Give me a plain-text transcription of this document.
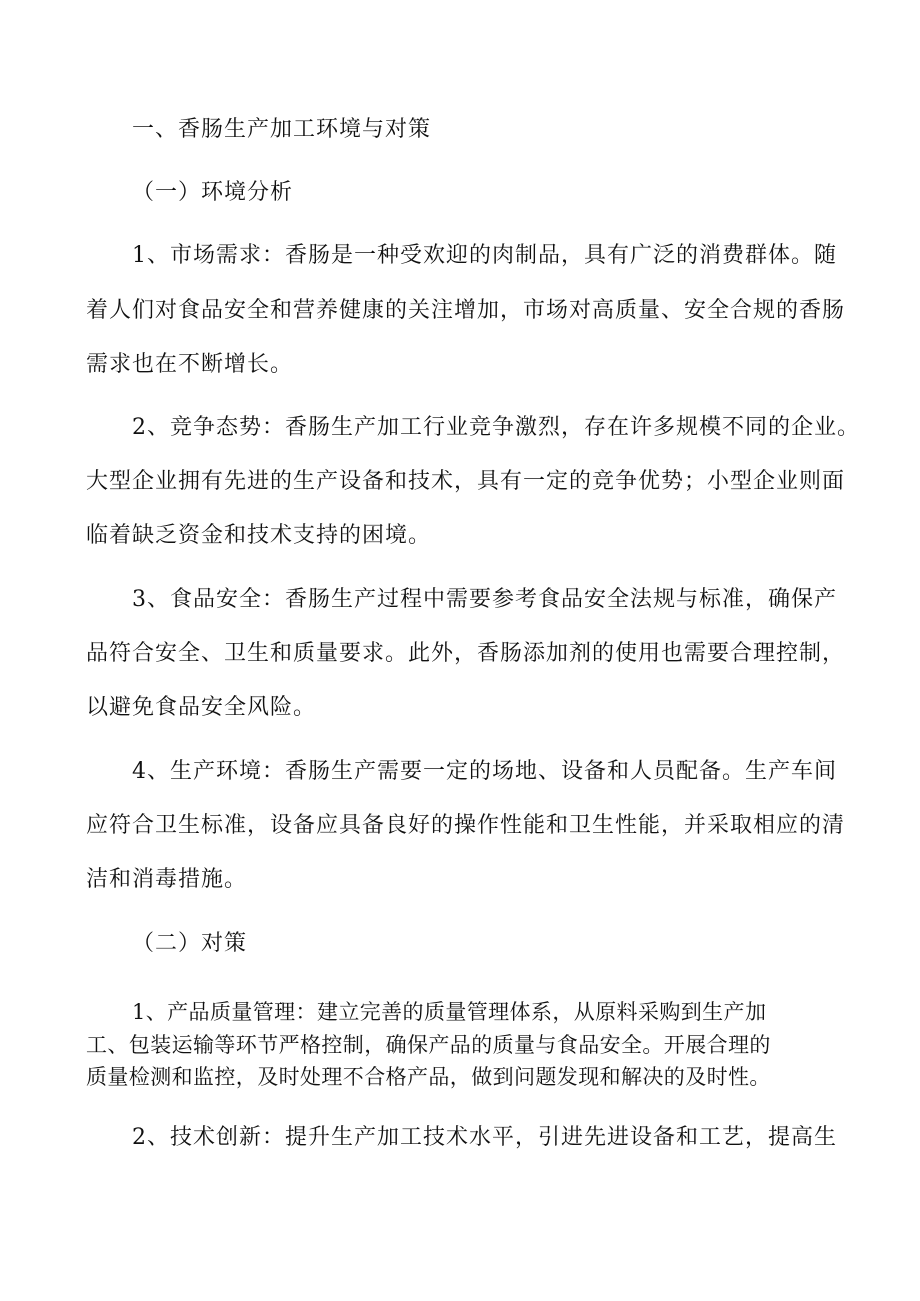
一、香肠生产加工环境与对策

（一）环境分析

1、市场需求：香肠是一种受欢迎的肉制品，具有广泛的消费群体。随

着人们对食品安全和营养健康的关注增加，市场对高质量、安全合规的香肠

需求也在不断增长。

2、竞争态势：香肠生产加工行业竞争激烈，存在许多规模不同的企业。

大型企业拥有先进的生产设备和技术，具有一定的竞争优势；小型企业则面

临着缺乏资金和技术支持的困境。

3、食品安全：香肠生产过程中需要参考食品安全法规与标准，确保产

品符合安全、卫生和质量要求。此外，香肠添加剂的使用也需要合理控制，

以避免食品安全风险。

4、生产环境：香肠生产需要一定的场地、设备和人员配备。生产车间

应符合卫生标准，设备应具备良好的操作性能和卫生性能，并采取相应的清

洁和消毒措施。

（二）对策

1、产品质量管理：建立完善的质量管理体系，从原料采购到生产加

工、包装运输等环节严格控制，确保产品的质量与食品安全。开展合理的

质量检测和监控，及时处理不合格产品，做到问题发现和解决的及时性。

2、技术创新：提升生产加工技术水平，引进先进设备和工艺，提高生
